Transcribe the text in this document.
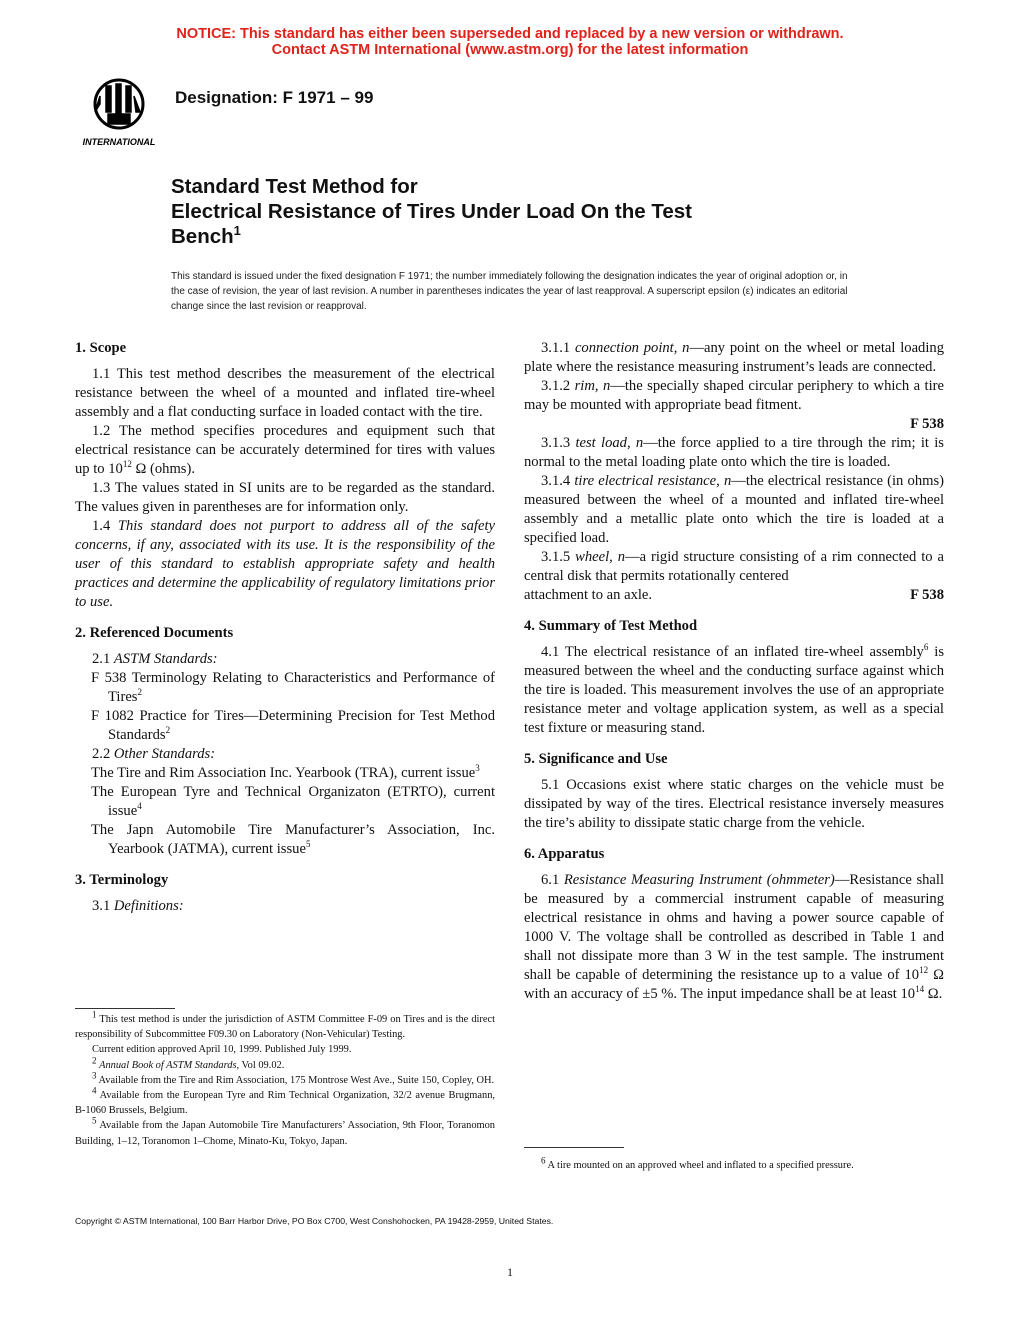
NOTICE: This standard has either been superseded and replaced by a new version or withdrawn.
Contact ASTM International (www.astm.org) for the latest information
INTERNATIONAL
Designation: F 1971 – 99
Standard Test Method for
Electrical Resistance of Tires Under Load On the Test
Bench$^1$
This standard is issued under the fixed designation F 1971; the number immediately following the designation indicates the year of original adoption or, in the case of revision, the year of last revision. A number in parentheses indicates the year of last reapproval. A superscript epsilon (ε) indicates an editorial change since the last revision or reapproval.

1. Scope

1.1 This test method describes the measurement of the electrical resistance between the wheel of a mounted and inflated tire-wheel assembly and a flat conducting surface in loaded contact with the tire.

1.2 The method specifies procedures and equipment such that electrical resistance can be accurately determined for tires with values up to $10^{12}$ Ω (ohms).

1.3 The values stated in SI units are to be regarded as the standard. The values given in parentheses are for information only.

1.4 This standard does not purport to address all of the safety concerns, if any, associated with its use. It is the responsibility of the user of this standard to establish appropriate safety and health practices and determine the applicability of regulatory limitations prior to use.

2. Referenced Documents

2.1 ASTM Standards:

F 538 Terminology Relating to Characteristics and Performance of Tires$^2$

F 1082 Practice for Tires—Determining Precision for Test Method Standards$^2$

2.2 Other Standards:

The Tire and Rim Association Inc. Yearbook (TRA), current issue$^3$

The European Tyre and Technical Organizaton (ETRTO), current issue$^4$

The Japn Automobile Tire Manufacturer’s Association, Inc. Yearbook (JATMA), current issue$^5$

3. Terminology

3.1 Definitions:

$^1$ This test method is under the jurisdiction of ASTM Committee F-09 on Tires and is the direct responsibility of Subcommittee F09.30 on Laboratory (Non-Vehicular) Testing.

Current edition approved April 10, 1999. Published July 1999.

$^2$ Annual Book of ASTM Standards, Vol 09.02.

$^3$ Available from the Tire and Rim Association, 175 Montrose West Ave., Suite 150, Copley, OH.

$^4$ Available from the European Tyre and Rim Technical Organization, 32/2 avenue Brugmann, B-1060 Brussels, Belgium.

$^5$ Available from the Japan Automobile Tire Manufacturers’ Association, 9th Floor, Toranomon Building, 1–12, Toranomon 1–Chome, Minato-Ku, Tokyo, Japan.

3.1.1 connection point, n—any point on the wheel or metal loading plate where the resistance measuring instrument’s leads are connected.

3.1.2 rim, n—the specially shaped circular periphery to which a tire may be mounted with appropriate bead fitment.

F 538

3.1.3 test load, n—the force applied to a tire through the rim; it is normal to the metal loading plate onto which the tire is loaded.

3.1.4 tire electrical resistance, n—the electrical resistance (in ohms) measured between the wheel of a mounted and inflated tire-wheel assembly and a metallic plate onto which the tire is loaded at a specified load.

3.1.5 wheel, n—a rigid structure consisting of a rim connected to a central disk that permits rotationally centered

attachment to an axle.	F 538

4. Summary of Test Method

4.1 The electrical resistance of an inflated tire-wheel assembly$^6$ is measured between the wheel and the conducting surface against which the tire is loaded. This measurement involves the use of an appropriate resistance meter and voltage application system, as well as a special test fixture or measuring stand.

5. Significance and Use

5.1 Occasions exist where static charges on the vehicle must be dissipated by way of the tires. Electrical resistance inversely measures the tire’s ability to dissipate static charge from the vehicle.

6. Apparatus

6.1 Resistance Measuring Instrument (ohmmeter)—Resistance shall be measured by a commercial instrument capable of measuring electrical resistance in ohms and having a power source capable of 1000 V. The voltage shall be controlled as described in Table 1 and shall not dissipate more than 3 W in the test sample. The instrument shall be capable of determining the resistance up to a value of $10^{12}$ Ω with an accuracy of ±5 %. The input impedance shall be at least $10^{14}$ Ω.

$^6$ A tire mounted on an approved wheel and inflated to a specified pressure.

Copyright © ASTM International, 100 Barr Harbor Drive, PO Box C700, West Conshohocken, PA 19428-2959, United States.
1
